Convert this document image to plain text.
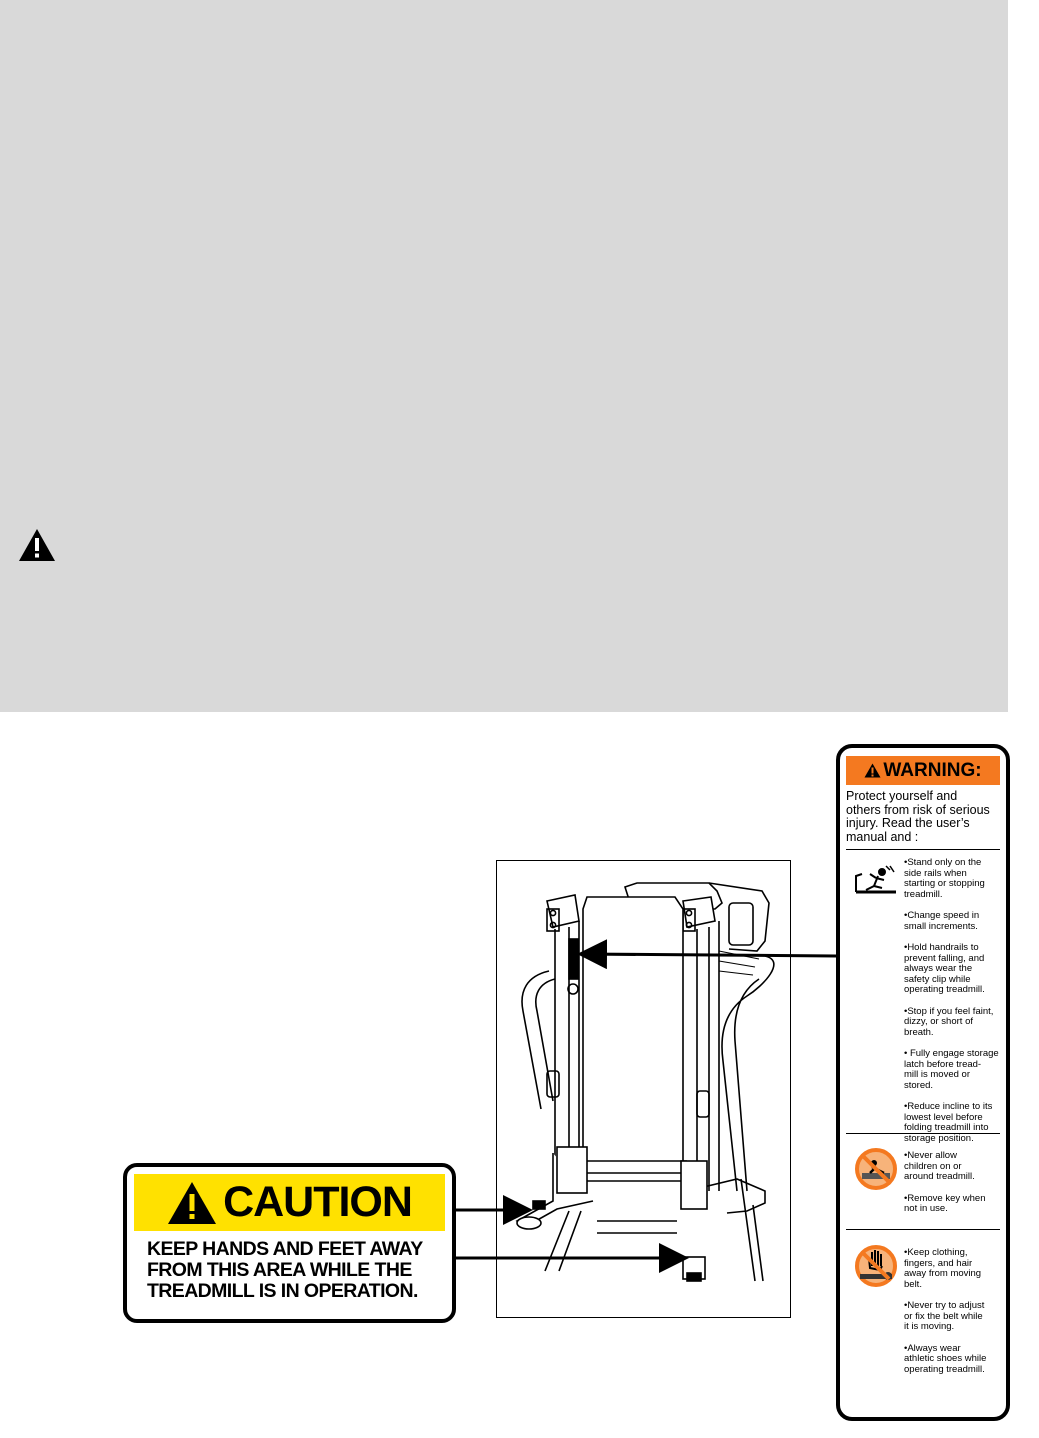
CAUTION
KEEP HANDS AND FEET AWAY
FROM THIS AREA WHILE THE
TREADMILL IS IN OPERATION.
WARNING:
Protect yourself and
others from risk of serious
injury. Read the user’s
manual and :
•Stand only on the
side rails when
starting or stopping
treadmill.
•Change speed in
small increments.
•Hold handrails to
prevent falling, and
always wear the
safety clip while
operating treadmill.
•Stop if you feel faint,
dizzy, or short of
breath.
• Fully engage storage
latch before tread-
mill is moved or
stored.
•Reduce incline to its
lowest level before
folding treadmill into
storage position.
•Never allow
children on or
around treadmill.
•Remove key when
not in use.
•Keep clothing,
fingers, and hair
away from moving
belt.
•Never try to adjust
or fix the belt while
it is moving.
•Always wear
athletic shoes while
operating treadmill.
